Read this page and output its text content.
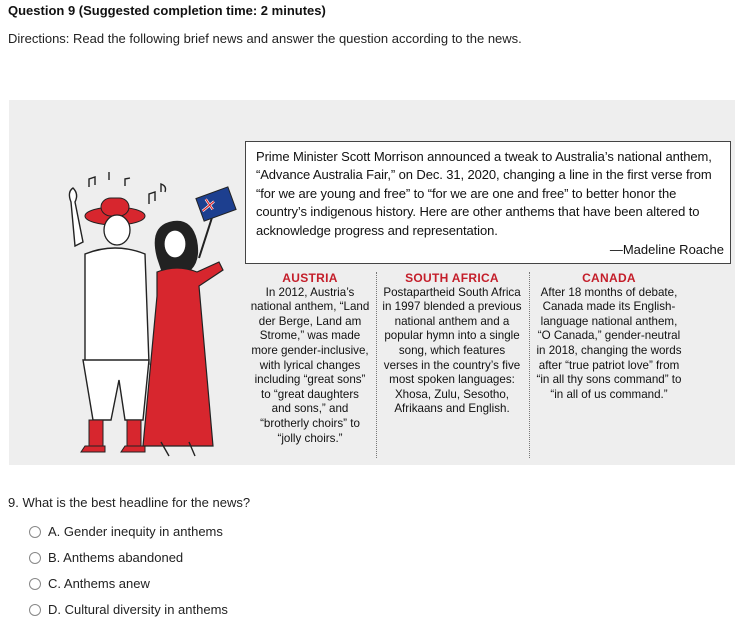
Question 9 (Suggested completion time: 2 minutes)
Directions: Read the following brief news and answer the question according to the news.
Prime Minister Scott Morrison announced a tweak to Australia’s national anthem, “Advance Australia Fair,” on Dec. 31, 2020, changing a line in the first verse from “for we are young and free” to “for we are one and free” to better honor the country’s indigenous history. Here are other anthems that have been altered to acknowledge progress and representation.
—Madeline Roache
AUSTRIA
In 2012, Austria’s national anthem, “Land der Berge, Land am Strome,” was made more gender-inclusive, with lyrical changes including “great sons” to “great daughters and sons,” and “brotherly choirs” to “jolly choirs.”
SOUTH AFRICA
Postapartheid South Africa in 1997 blended a previous national anthem and a popular hymn into a single song, which features verses in the country’s five most spoken languages: Xhosa, Zulu, Sesotho, Afrikaans and English.
CANADA
After 18 months of debate, Canada made its English-language national anthem, “O Canada,” gender-neutral in 2018, changing the words after “true patriot love” from “in all thy sons command” to “in all of us command.”
9. What is the best headline for the news?
A. Gender inequity in anthems
B. Anthems abandoned
C. Anthems anew
D. Cultural diversity in anthems
